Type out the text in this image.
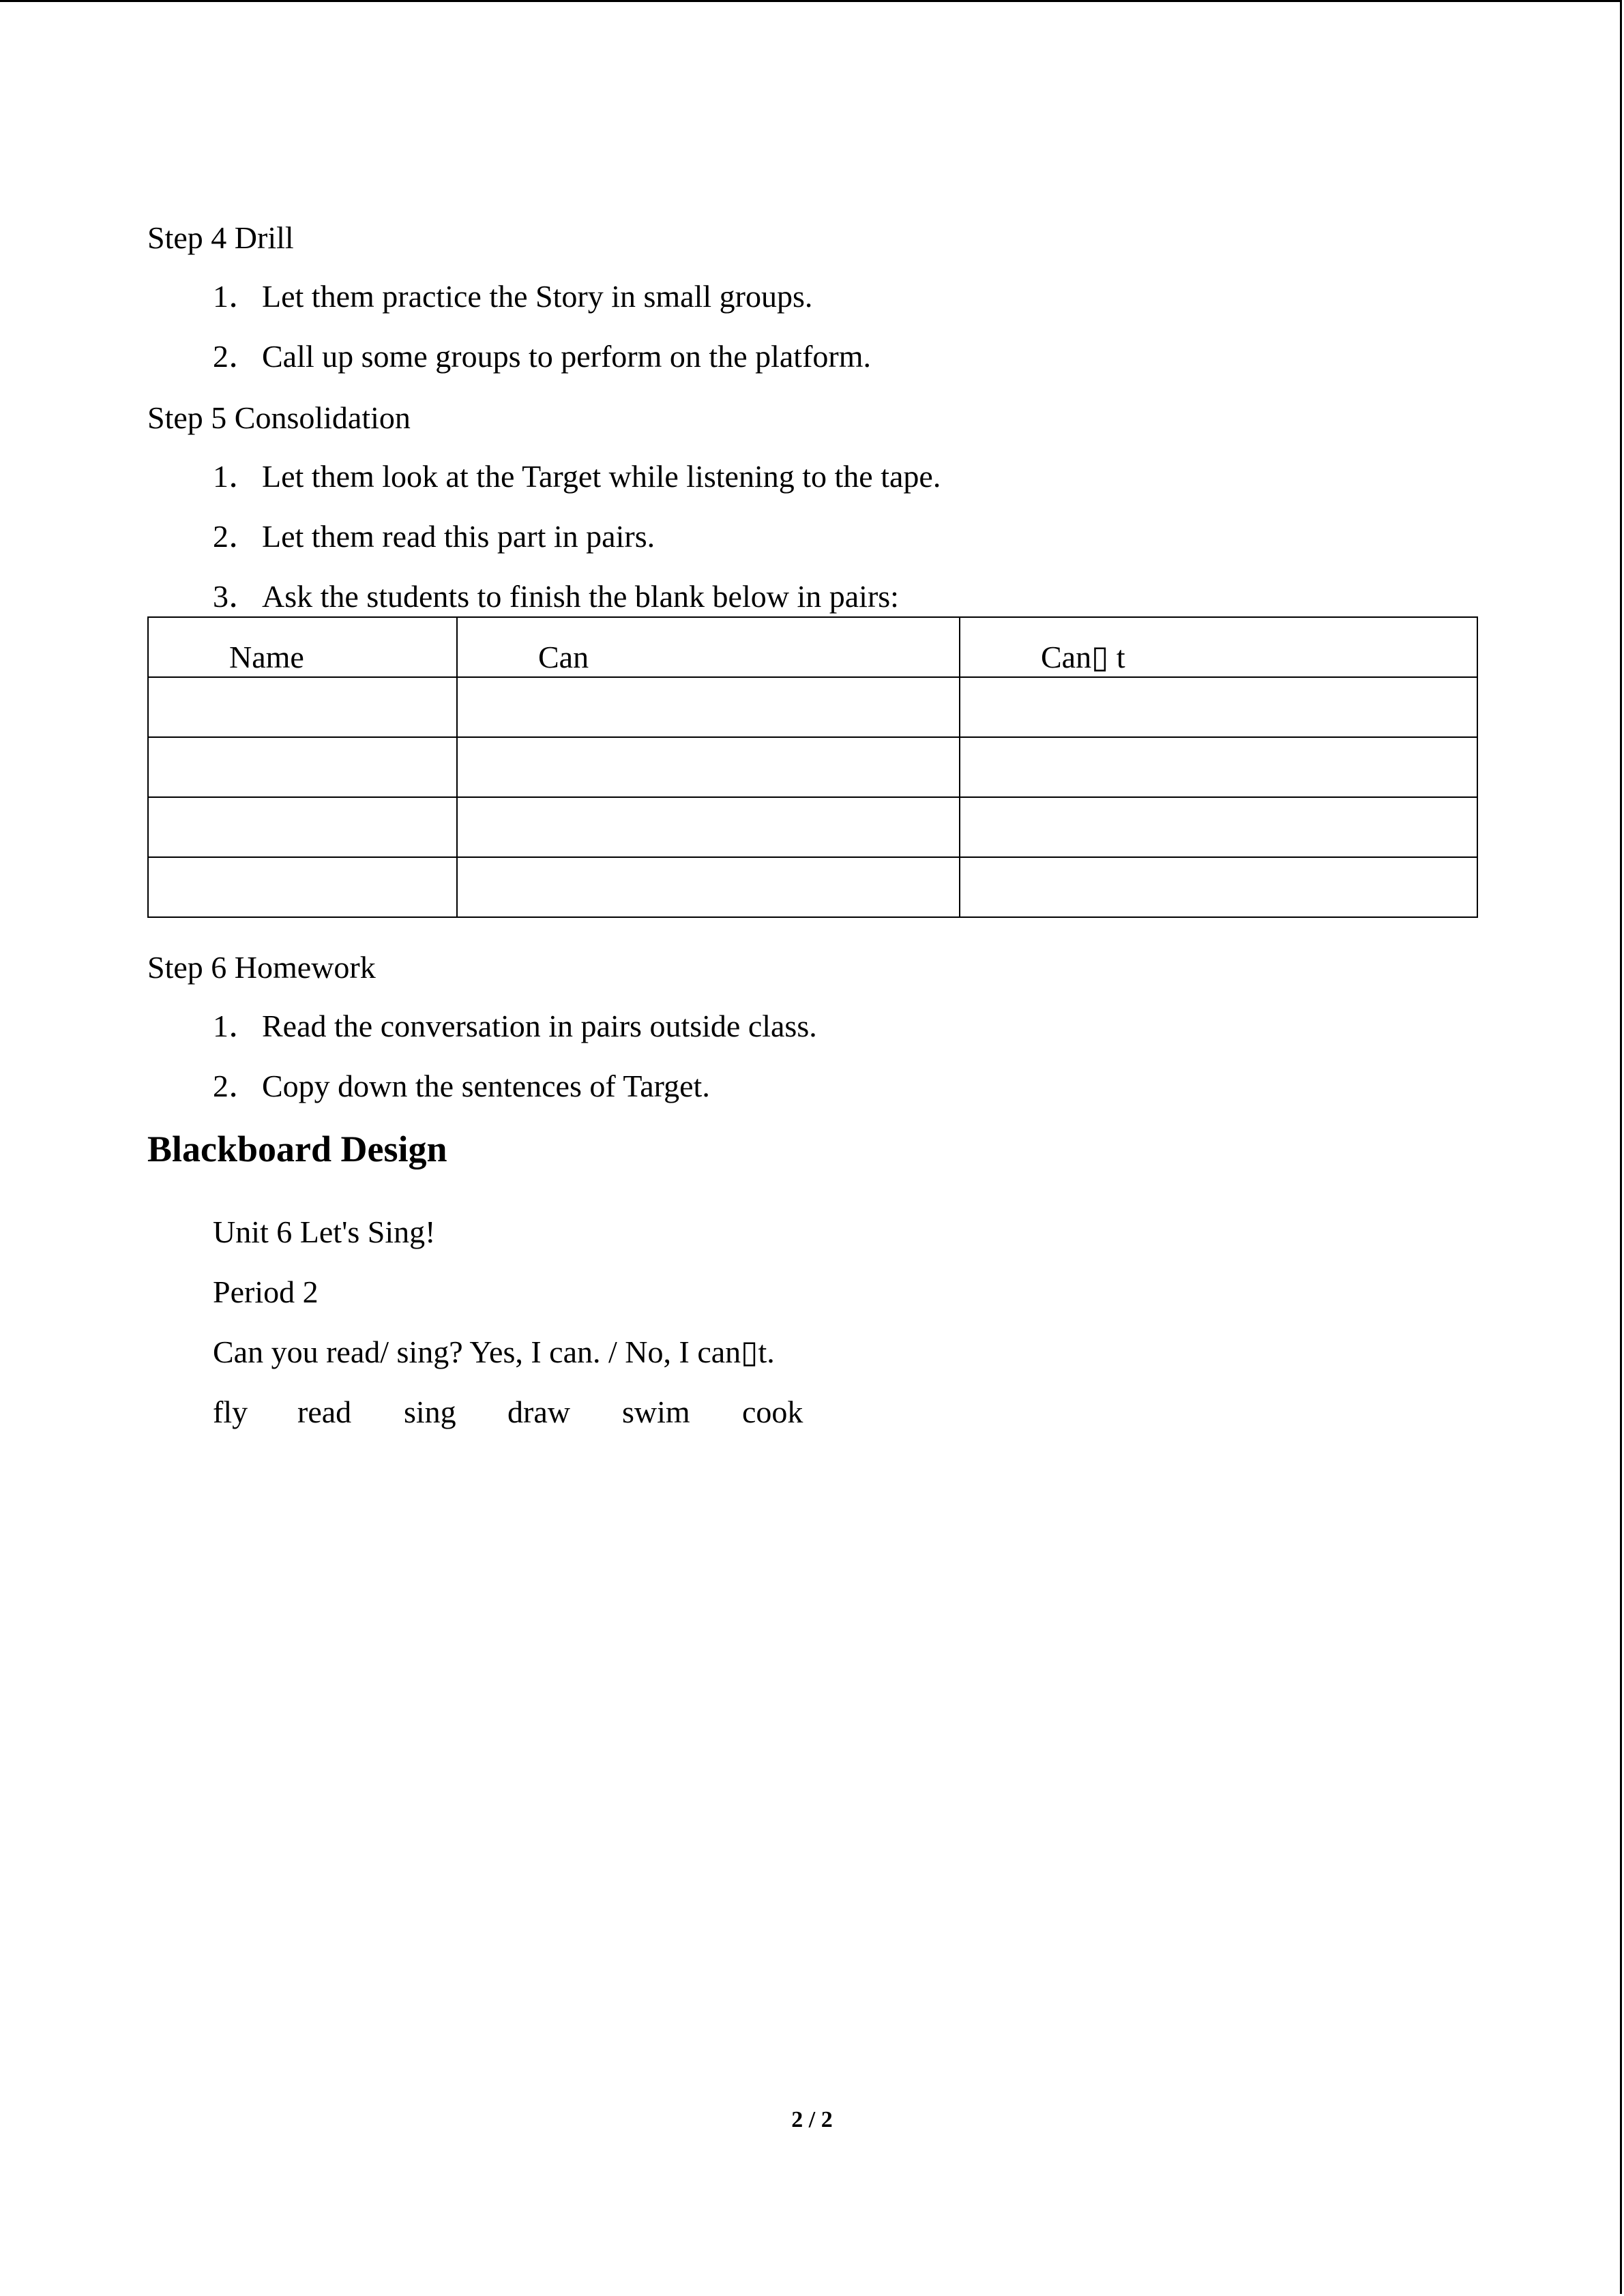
Step 4 Drill
1．Let them practice the Story in small groups.
2．Call up some groups to perform on the platform.
Step 5 Consolidation
1．Let them look at the Target while listening to the tape.
2．Let them read this part in pairs.
3．Ask the students to finish the blank below in pairs:
Name	Can	Can▯ t

Step 6 Homework
1．Read the conversation in pairs outside class.
2．Copy down the sentences of Target.
Blackboard Design
Unit 6 Let's Sing!
Period 2
Can you read/ sing? Yes, I can. / No, I can▯t.
fly read sing draw swim cook
2 / 2
